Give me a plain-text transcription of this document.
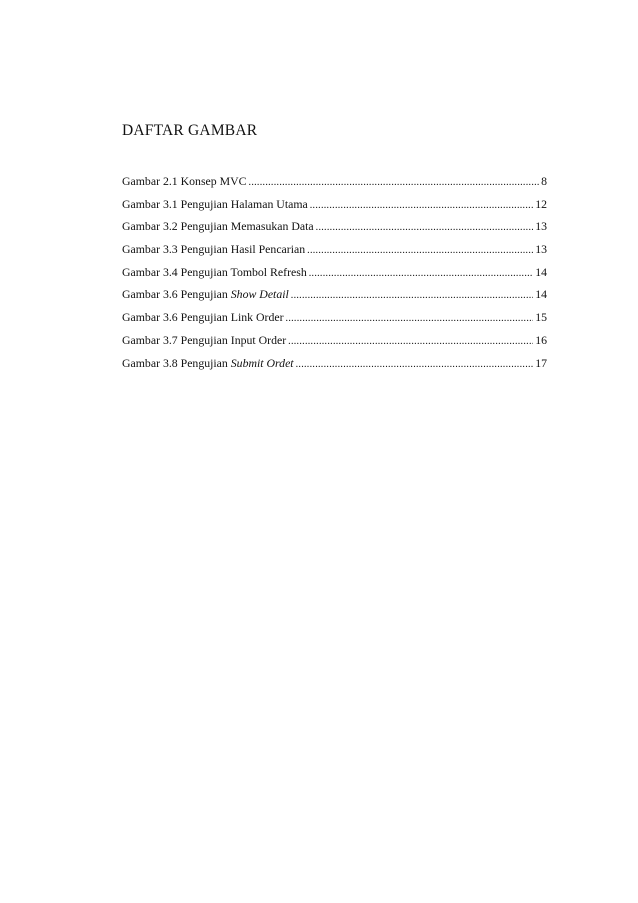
DAFTAR GAMBAR
Gambar 2.1 Konsep MVC .....	8
Gambar 3.1 Pengujian Halaman Utama .....	12
Gambar 3.2 Pengujian Memasukan Data .....	13
Gambar 3.3 Pengujian Hasil Pencarian .....	13
Gambar 3.4 Pengujian Tombol Refresh .....	14
Gambar 3.6 Pengujian Show Detail .....	14
Gambar 3.6 Pengujian Link Order .....	15
Gambar 3.7 Pengujian Input Order .....	16
Gambar 3.8 Pengujian Submit Ordet .....	17
